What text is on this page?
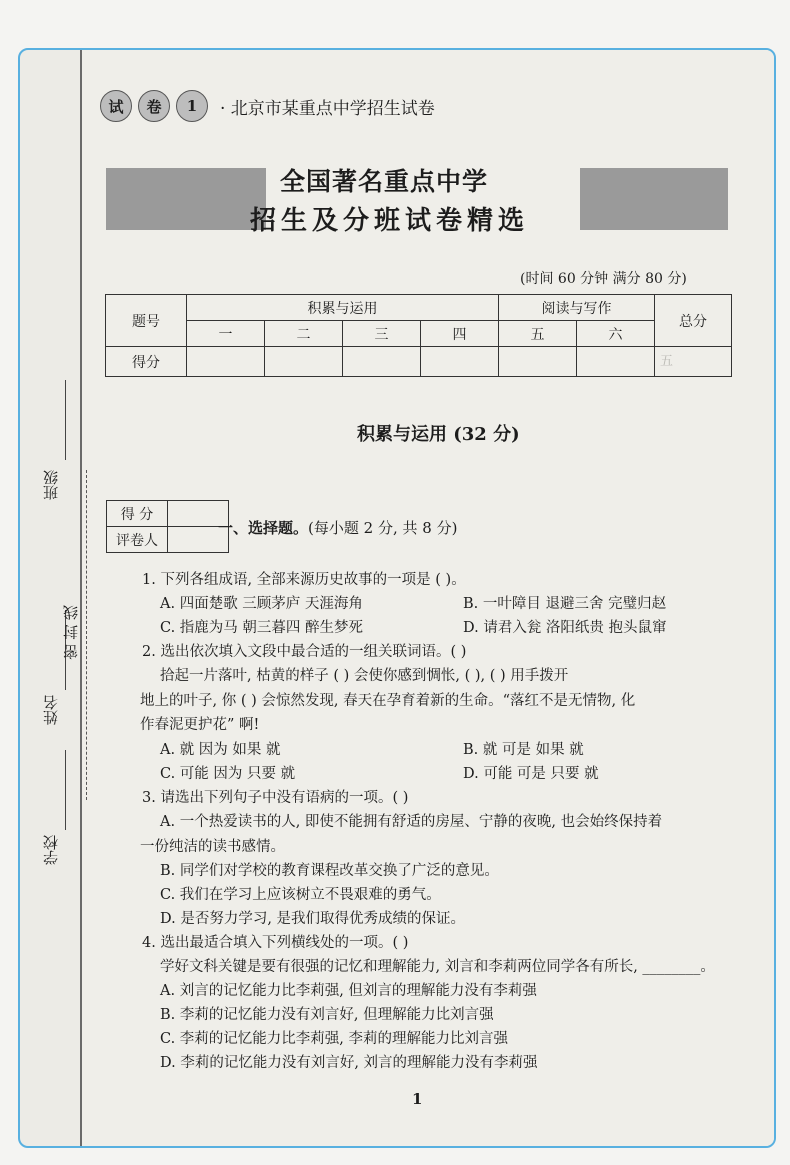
五
班级
姓名
密 封 线
学校
试	卷	1	· 北京市某重点中学招生试卷
全国著名重点中学
招生及分班试卷精选
(时间 60 分钟 满分 80 分)
题号	积累与运用				阅读与写作		总分
	一	二	三	四	五	六	
得分							
积累与运用 (32 分)
得 分	
评卷人	
一、选择题。(每小题 2 分, 共 8 分)
1. 下列各组成语, 全部来源历史故事的一项是 ( )。
A. 四面楚歌 三顾茅庐 天涯海角	B. 一叶障目 退避三舍 完璧归赵
C. 指鹿为马 朝三暮四 醉生梦死	D. 请君入瓮 洛阳纸贵 抱头鼠窜
2. 选出依次填入文段中最合适的一组关联词语。( )
拾起一片落叶, 枯黄的样子 ( ) 会使你感到惆怅, ( ), ( ) 用手拨开
地上的叶子, 你 ( ) 会惊然发现, 春天在孕育着新的生命。“落红不是无情物, 化
作春泥更护花” 啊!
A. 就 因为 如果 就	B. 就 可是 如果 就
C. 可能 因为 只要 就	D. 可能 可是 只要 就
3. 请选出下列句子中没有语病的一项。( )
A. 一个热爱读书的人, 即使不能拥有舒适的房屋、宁静的夜晚, 也会始终保持着
一份纯洁的读书感情。
B. 同学们对学校的教育课程改革交换了广泛的意见。
C. 我们在学习上应该树立不畏艰难的勇气。
D. 是否努力学习, 是我们取得优秀成绩的保证。
4. 选出最适合填入下列横线处的一项。( )
学好文科关键是要有很强的记忆和理解能力, 刘言和李莉两位同学各有所长, ________。
A. 刘言的记忆能力比李莉强, 但刘言的理解能力没有李莉强
B. 李莉的记忆能力没有刘言好, 但理解能力比刘言强
C. 李莉的记忆能力比李莉强, 李莉的理解能力比刘言强
D. 李莉的记忆能力没有刘言好, 刘言的理解能力没有李莉强
1
